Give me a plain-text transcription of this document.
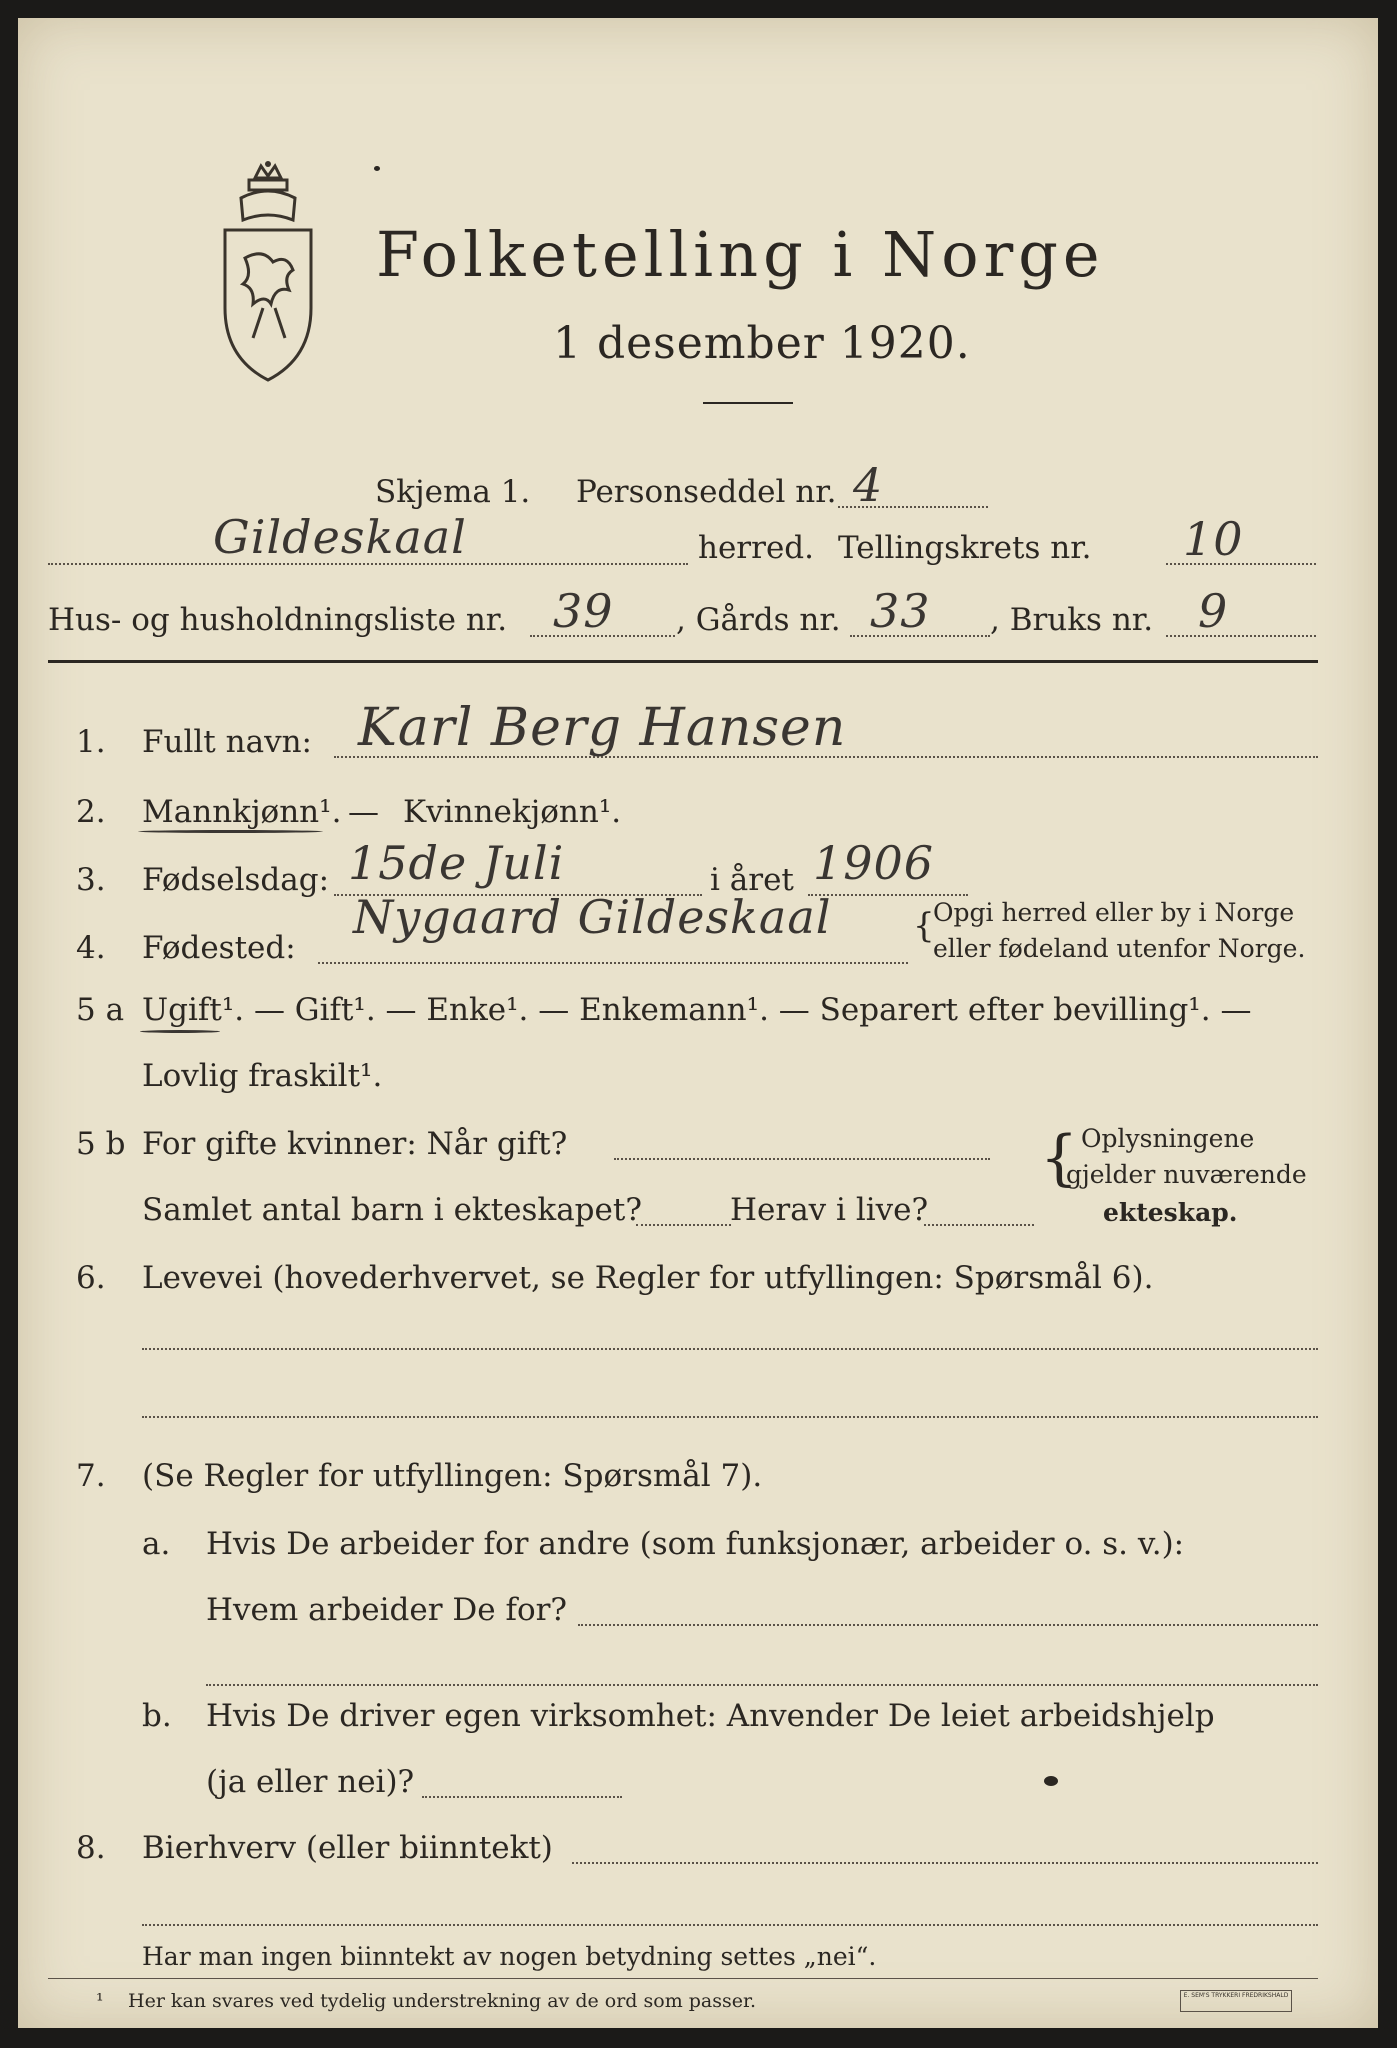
Folketelling i Norge
1 desember 1920.
Skjema 1. Personseddel nr. 4
Gildeskaal	herred. Tellingskrets nr. 10
Hus- og husholdningsliste nr. 39 , Gårds nr. 33 , Bruks nr. 9
1. Fullt navn: Karl Berg Hansen
2. Mannkjønn¹. — Kvinnekjønn¹.
3. Fødselsdag: 15de Juli	i året 1906
4. Fødested:
Nygaard Gildeskaal {
Opgi herred eller by i Norge
eller fødeland utenfor Norge.
5 a Ugift¹. — Gift¹. — Enke¹. — Enkemann¹. — Separert efter bevilling¹. —
Lovlig fraskilt¹.
5 b For gifte kvinner: Når gift?
Samlet antal barn i ekteskapet?	Herav i live?
{ Oplysningene
gjelder nuværende
ekteskap.
6. Levevei (hovederhvervet, se Regler for utfyllingen: Spørsmål 6).
7. (Se Regler for utfyllingen: Spørsmål 7).
a. Hvis De arbeider for andre (som funksjonær, arbeider o. s. v.):
Hvem arbeider De for?
b. Hvis De driver egen virksomhet: Anvender De leiet arbeidshjelp
(ja eller nei)?
8. Bierhverv (eller biinntekt)
Har man ingen biinntekt av nogen betydning settes „nei“.
¹ Her kan svares ved tydelig understrekning av de ord som passer.	E. SEM'S TRYKKERI FREDRIKSHALD
